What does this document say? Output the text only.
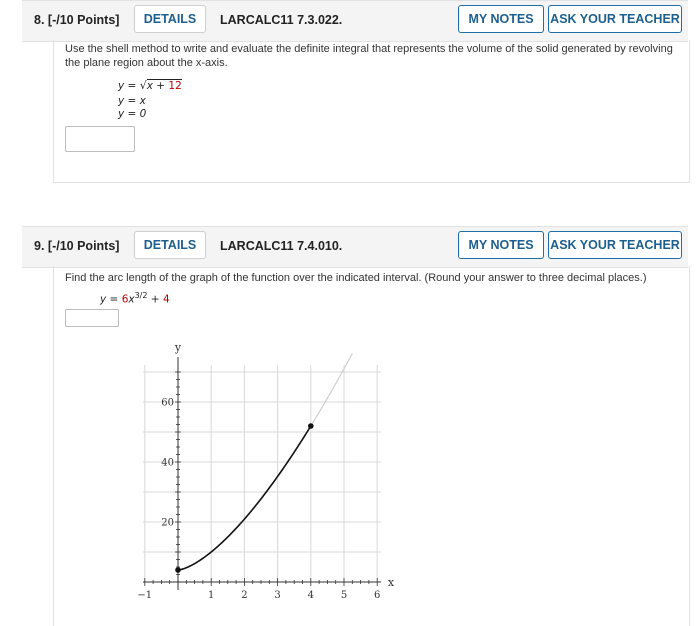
8. [-/10 Points]	DETAILS	LARCALC11 7.3.022.	MY NOTES	ASK YOUR TEACHER
Use the shell method to write and evaluate the definite integral that represents the volume of the solid generated by revolving the plane region about the x-axis.
y = √x + 12
y = x
y = 0
9. [-/10 Points]	DETAILS	LARCALC11 7.4.010.	MY NOTES	ASK YOUR TEACHER
Find the arc length of the graph of the function over the indicated interval. (Round your answer to three decimal places.)
$y = 6x^{3/2} + 4$
−1	1	2	3	4	5	6
20
40
60
x
y
